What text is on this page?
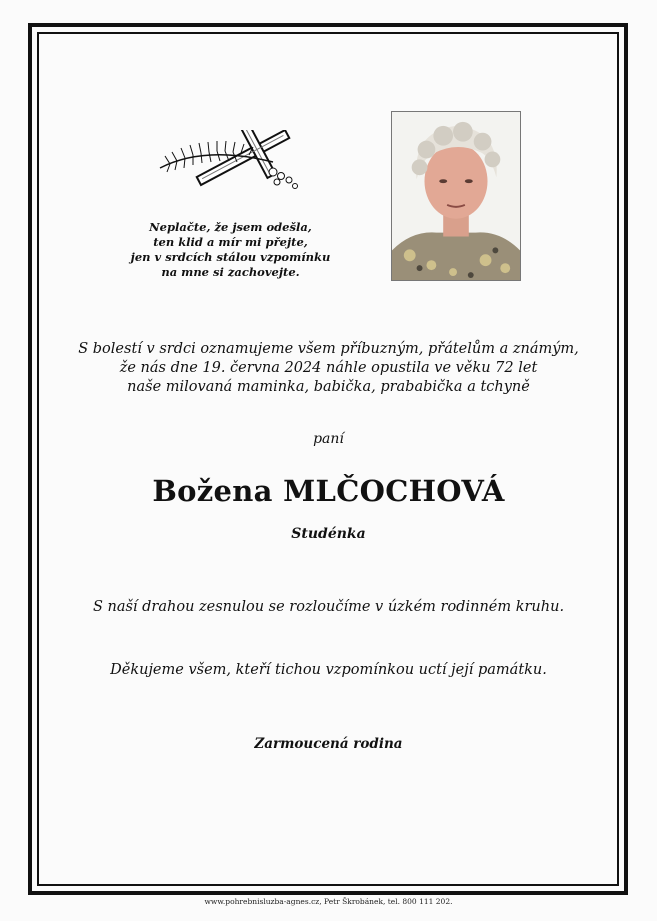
Neplačte, že jsem odešla,
ten klid a mír mi přejte,
jen v srdcích stálou vzpomínku
na mne si zachovejte.
S bolestí v srdci oznamujeme všem příbuzným, přátelům a známým,
že nás dne 19. června 2024 náhle opustila ve věku 72 let
naše milovaná maminka, babička, prababička a tchyně
paní
Božena MLČOCHOVÁ
Studénka
S naší drahou zesnulou se rozloučíme v úzkém rodinném kruhu.
Děkujeme všem, kteří tichou vzpomínkou uctí její památku.
Zarmoucená rodina
www.pohrebnisluzba-agnes.cz, Petr Škrobánek, tel. 800 111 202.
